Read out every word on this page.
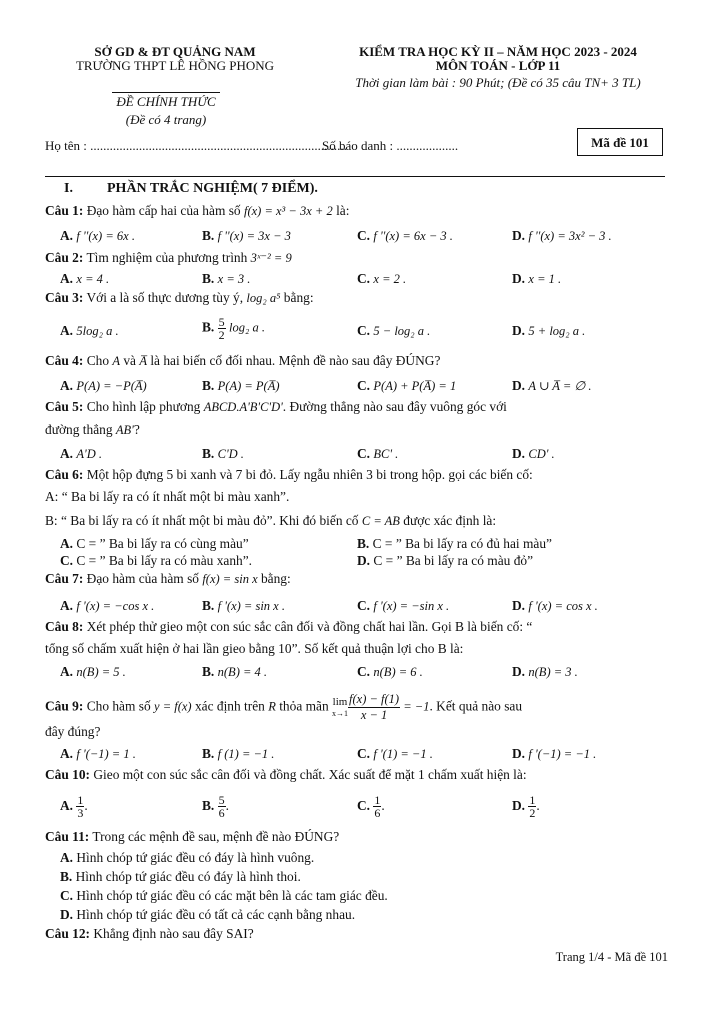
SỞ GD & ĐT QUẢNG NAM
TRƯỜNG THPT LÊ HỒNG PHONG
KIỂM TRA HỌC KỲ II – NĂM HỌC 2023 - 2024
MÔN TOÁN - LỚP 11
Thời gian làm bài : 90 Phút; (Đề có 35 câu TN+ 3 TL)
ĐỀ CHÍNH THỨC
(Đề có 4 trang)
Họ tên : ...............................................................................
Số báo danh : ...................	Mã đề 101
I. PHẦN TRẮC NGHIỆM( 7 ĐIỂM).
Câu 1: Đạo hàm cấp hai của hàm số f(x) = x³ − 3x + 2 là:
A. f ''(x) = 6x .	B. f ''(x) = 3x − 3	C. f ''(x) = 6x − 3 .	D. f ''(x) = 3x² − 3 .
Câu 2: Tìm nghiệm của phương trình 3ˣ⁻² = 9
A. x = 4 .	B. x = 3 .	C. x = 2 .	D. x = 1 .
Câu 3: Với a là số thực dương tùy ý, log₂ a⁵ bằng:
A. 5log₂ a .	B. $\frac{5}{2} \log_2$ a .	C. 5 − log₂ a .	D. 5 + log₂ a .
Câu 4: Cho A và A̅ là hai biến cố đối nhau. Mệnh đề nào sau đây ĐÚNG?
A. P(A) = −P(A̅)	B. P(A) = P(A̅)	C. P(A) + P(A̅) = 1	D. A ∪ A̅ = ∅ .
Câu 5: Cho hình lập phương ABCD.A'B'C'D'. Đường thẳng nào sau đây vuông góc với
đường thẳng AB'?
A. A'D .	B. C'D .	C. BC' .	D. CD' .
Câu 6: Một hộp đựng 5 bi xanh và 7 bi đỏ. Lấy ngẫu nhiên 3 bi trong hộp. gọi các biến cố:
A: “ Ba bi lấy ra có ít nhất một bi màu xanh”.
B: “ Ba bi lấy ra có ít nhất một bi màu đỏ”. Khi đó biến cố C = AB được xác định là:
A. C = ” Ba bi lấy ra có cùng màu”	B. C = ” Ba bi lấy ra có đủ hai màu”
C. C = ” Ba bi lấy ra có màu xanh”.	D. C = ” Ba bi lấy ra có màu đỏ”
Câu 7: Đạo hàm của hàm số f(x) = sin x bằng:
A. f '(x) = −cos x .	B. f '(x) = sin x .	C. f '(x) = −sin x .	D. f '(x) = cos x .
Câu 8: Xét phép thử gieo một con súc sắc cân đối và đồng chất hai lần. Gọi B là biến cố: “
tổng số chấm xuất hiện ở hai lần gieo bằng 10”. Số kết quả thuận lợi cho B là:
A. n(B) = 5 .	B. n(B) = 4 .	C. n(B) = 6 .	D. n(B) = 3 .
Câu 9: Cho hàm số y = f(x) xác định trên R thỏa mãn lim
$x\to 1 \frac{f(x) - f(1)}{x - 1} = -1$. Kết quả nào sau
đây đúng?
A. f '(−1) = 1 .	B. f (1) = −1 .	C. f '(1) = −1 .	D. f '(−1) = −1 .
Câu 10: Gieo một con súc sắc cân đối và đồng chất. Xác suất để mặt 1 chấm xuất hiện là:
A. $\frac{1}{3}$ .	B. $\frac{5}{6}$ .	C. $\frac{1}{6}$ .	D. $\frac{1}{2}$ .
Câu 11: Trong các mệnh đề sau, mệnh đề nào ĐÚNG?
A. Hình chóp tứ giác đều có đáy là hình vuông.
B. Hình chóp tứ giác đều có đáy là hình thoi.
C. Hình chóp tứ giác đều có các mặt bên là các tam giác đều.
D. Hình chóp tứ giác đều có tất cả các cạnh bằng nhau.
Câu 12: Khẳng định nào sau đây SAI?
Trang 1/4 - Mã đề 101
